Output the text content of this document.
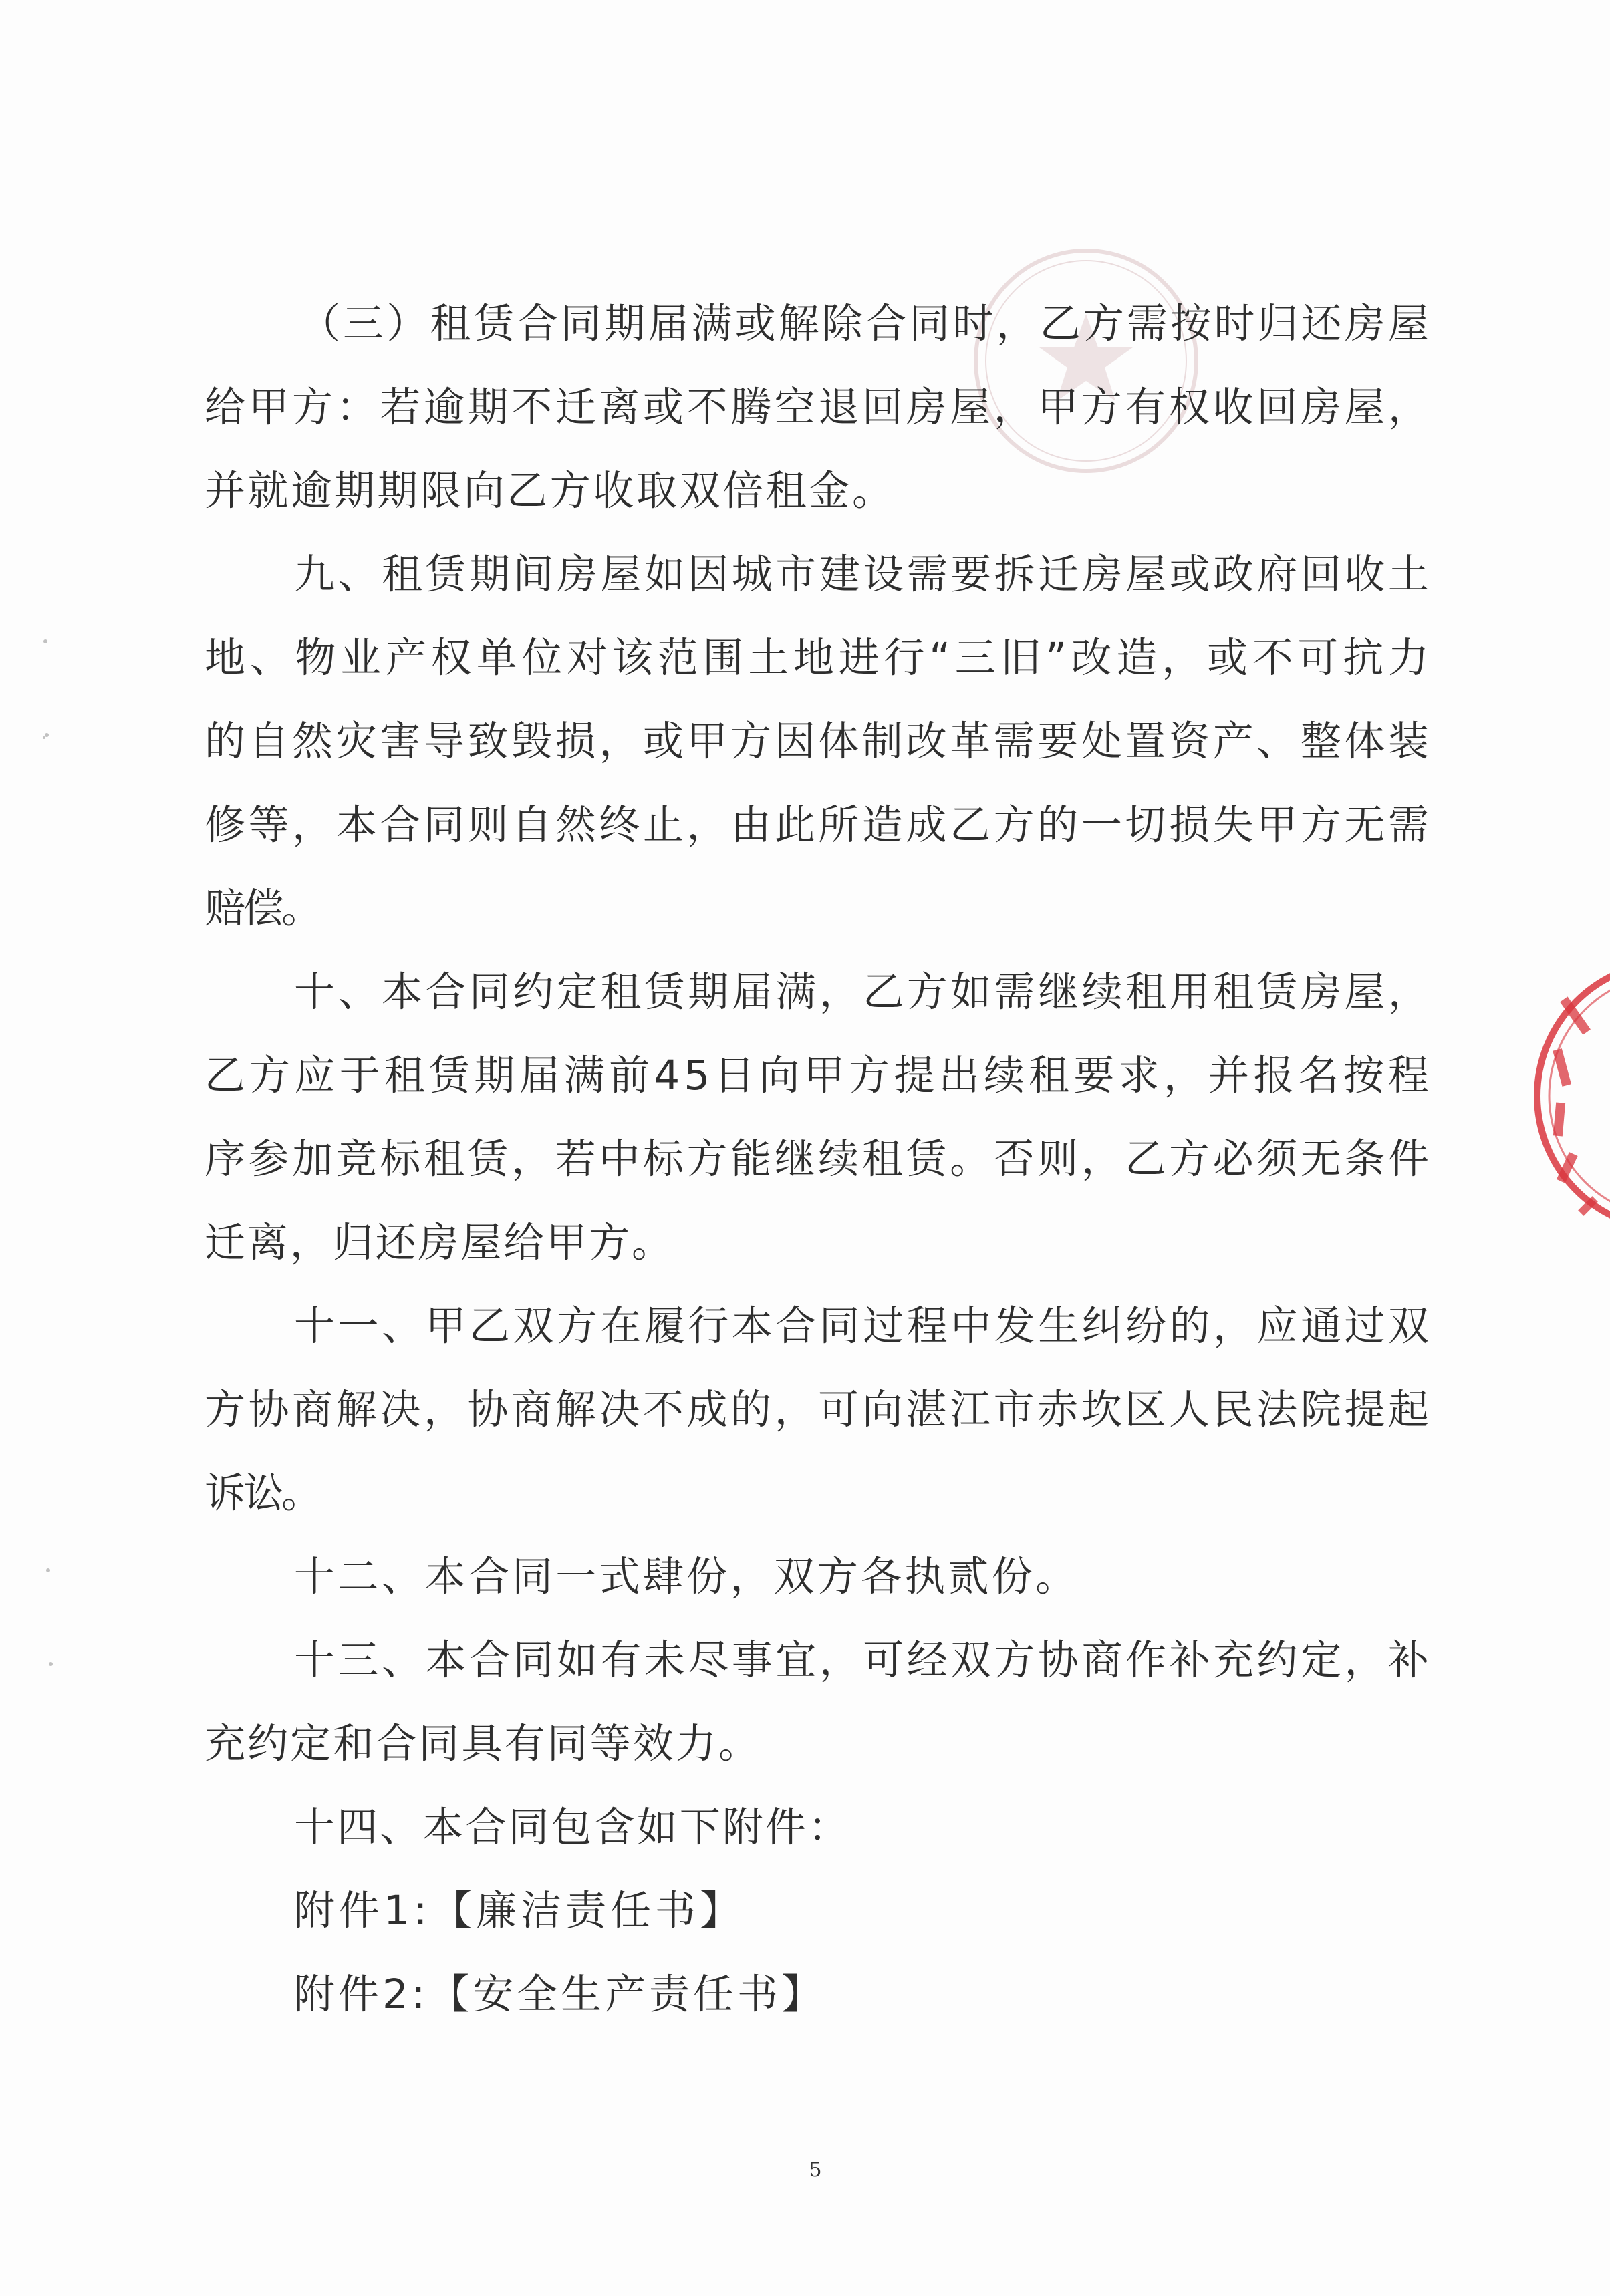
（三）租赁合同期届满或解除合同时，乙方需按时归还房屋
给甲方：若逾期不迁离或不腾空退回房屋，甲方有权收回房屋，
并就逾期期限向乙方收取双倍租金。
九、租赁期间房屋如因城市建设需要拆迁房屋或政府回收土
地、物业产权单位对该范围土地进行“三旧”改造，或不可抗力
的自然灾害导致毁损，或甲方因体制改革需要处置资产、整体装
修等，本合同则自然终止，由此所造成乙方的一切损失甲方无需
赔偿。
十、本合同约定租赁期届满，乙方如需继续租用租赁房屋，
乙方应于租赁期届满前45日向甲方提出续租要求，并报名按程
序参加竞标租赁，若中标方能继续租赁。否则，乙方必须无条件
迁离，归还房屋给甲方。
十一、甲乙双方在履行本合同过程中发生纠纷的，应通过双
方协商解决，协商解决不成的，可向湛江市赤坎区人民法院提起
诉讼。
十二、本合同一式肆份，双方各执贰份。
十三、本合同如有未尽事宜，可经双方协商作补充约定，补
充约定和合同具有同等效力。
十四、本合同包含如下附件：
附件1:【廉洁责任书】
附件2:【安全生产责任书】
5
